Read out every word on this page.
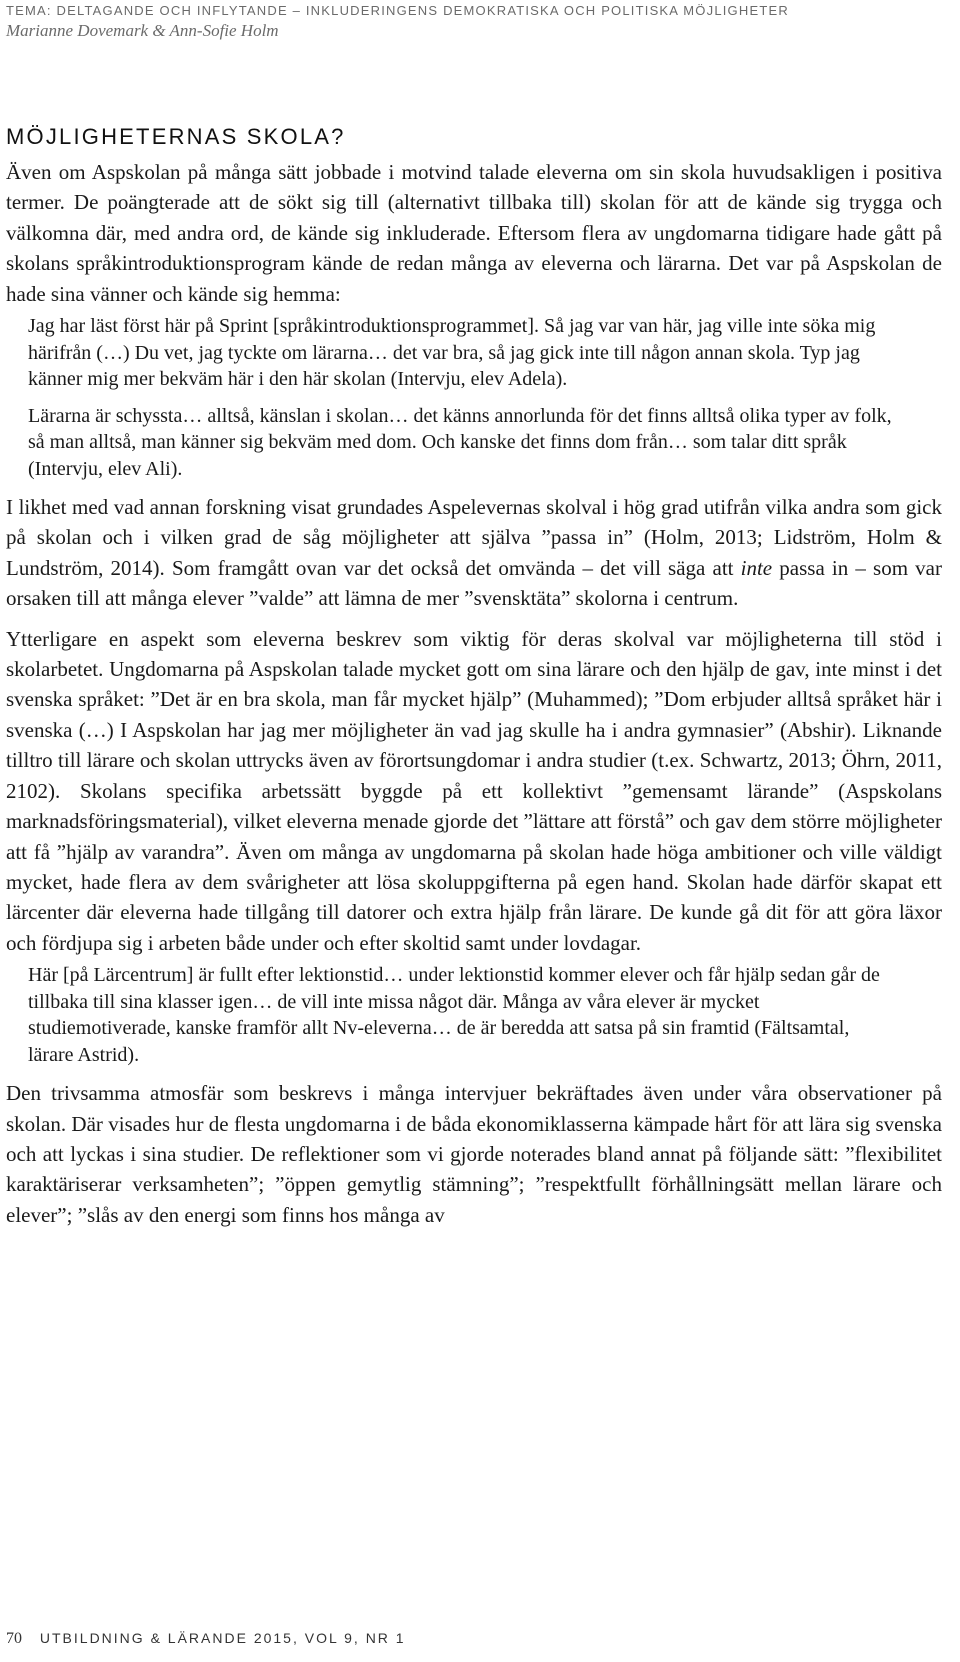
TEMA: DELTAGANDE OCH INFLYTANDE – INKLUDERINGENS DEMOKRATISKA OCH POLITISKA MÖJLIGHETER
Marianne Dovemark & Ann-Sofie Holm
MÖJLIGHETERNAS SKOLA?

Även om Aspskolan på många sätt jobbade i motvind talade eleverna om sin skola huvudsakligen i positiva termer. De poängterade att de sökt sig till (alternativt tillbaka till) skolan för att de kände sig trygga och välkomna där, med andra ord, de kände sig inkluderade. Eftersom flera av ungdomarna tidigare hade gått på skolans språkintroduktionsprogram kände de redan många av eleverna och lärarna. Det var på Aspskolan de hade sina vänner och kände sig hemma:

Jag har läst först här på Sprint [språkintroduktionsprogrammet]. Så jag var van här, jag ville inte söka mig härifrån (…) Du vet, jag tyckte om lärarna… det var bra, så jag gick inte till någon annan skola. Typ jag känner mig mer bekväm här i den här skolan (Intervju, elev Adela).

Lärarna är schyssta… alltså, känslan i skolan… det känns annorlunda för det finns alltså olika typer av folk, så man alltså, man känner sig bekväm med dom. Och kanske det finns dom från… som talar ditt språk (Intervju, elev Ali).

I likhet med vad annan forskning visat grundades Aspelevernas skolval i hög grad utifrån vilka andra som gick på skolan och i vilken grad de såg möjligheter att själva ”passa in” (Holm, 2013; Lidström, Holm & Lundström, 2014). Som framgått ovan var det också det omvända – det vill säga att inte passa in – som var orsaken till att många elever ”valde” att lämna de mer ”svensktäta” skolorna i centrum.

Ytterligare en aspekt som eleverna beskrev som viktig för deras skolval var möjligheterna till stöd i skolarbetet. Ungdomarna på Aspskolan talade mycket gott om sina lärare och den hjälp de gav, inte minst i det svenska språket: ”Det är en bra skola, man får mycket hjälp” (Muhammed); ”Dom erbjuder alltså språket här i svenska (…) I Aspskolan har jag mer möjligheter än vad jag skulle ha i andra gymnasier” (Abshir). Liknande tilltro till lärare och skolan uttrycks även av förortsungdomar i andra studier (t.ex. Schwartz, 2013; Öhrn, 2011, 2102). Skolans specifika arbetssätt byggde på ett kollektivt ”gemensamt lärande” (Aspskolans marknadsföringsmaterial), vilket eleverna menade gjorde det ”lättare att förstå” och gav dem större möjligheter att få ”hjälp av varandra”. Även om många av ungdomarna på skolan hade höga ambitioner och ville väldigt mycket, hade flera av dem svårigheter att lösa skoluppgifterna på egen hand. Skolan hade därför skapat ett lärcenter där eleverna hade tillgång till datorer och extra hjälp från lärare. De kunde gå dit för att göra läxor och fördjupa sig i arbeten både under och efter skoltid samt under lovdagar.

Här [på Lärcentrum] är fullt efter lektionstid… under lektionstid kommer elever och får hjälp sedan går de tillbaka till sina klasser igen… de vill inte missa något där. Många av våra elever är mycket studiemotiverade, kanske framför allt Nv-eleverna… de är beredda att satsa på sin framtid (Fältsamtal, lärare Astrid).

Den trivsamma atmosfär som beskrevs i många intervjuer bekräftades även under våra observationer på skolan. Där visades hur de flesta ungdomarna i de båda ekonomiklasserna kämpade hårt för att lära sig svenska och att lyckas i sina studier. De reflektioner som vi gjorde noterades bland annat på följande sätt: ”flexibilitet karaktäriserar verksamheten”; ”öppen gemytlig stämning”; ”respektfullt förhållningsätt mellan lärare och elever”; ”slås av den energi som finns hos många av

70 UTBILDNING & LÄRANDE 2015, VOL 9, NR 1
